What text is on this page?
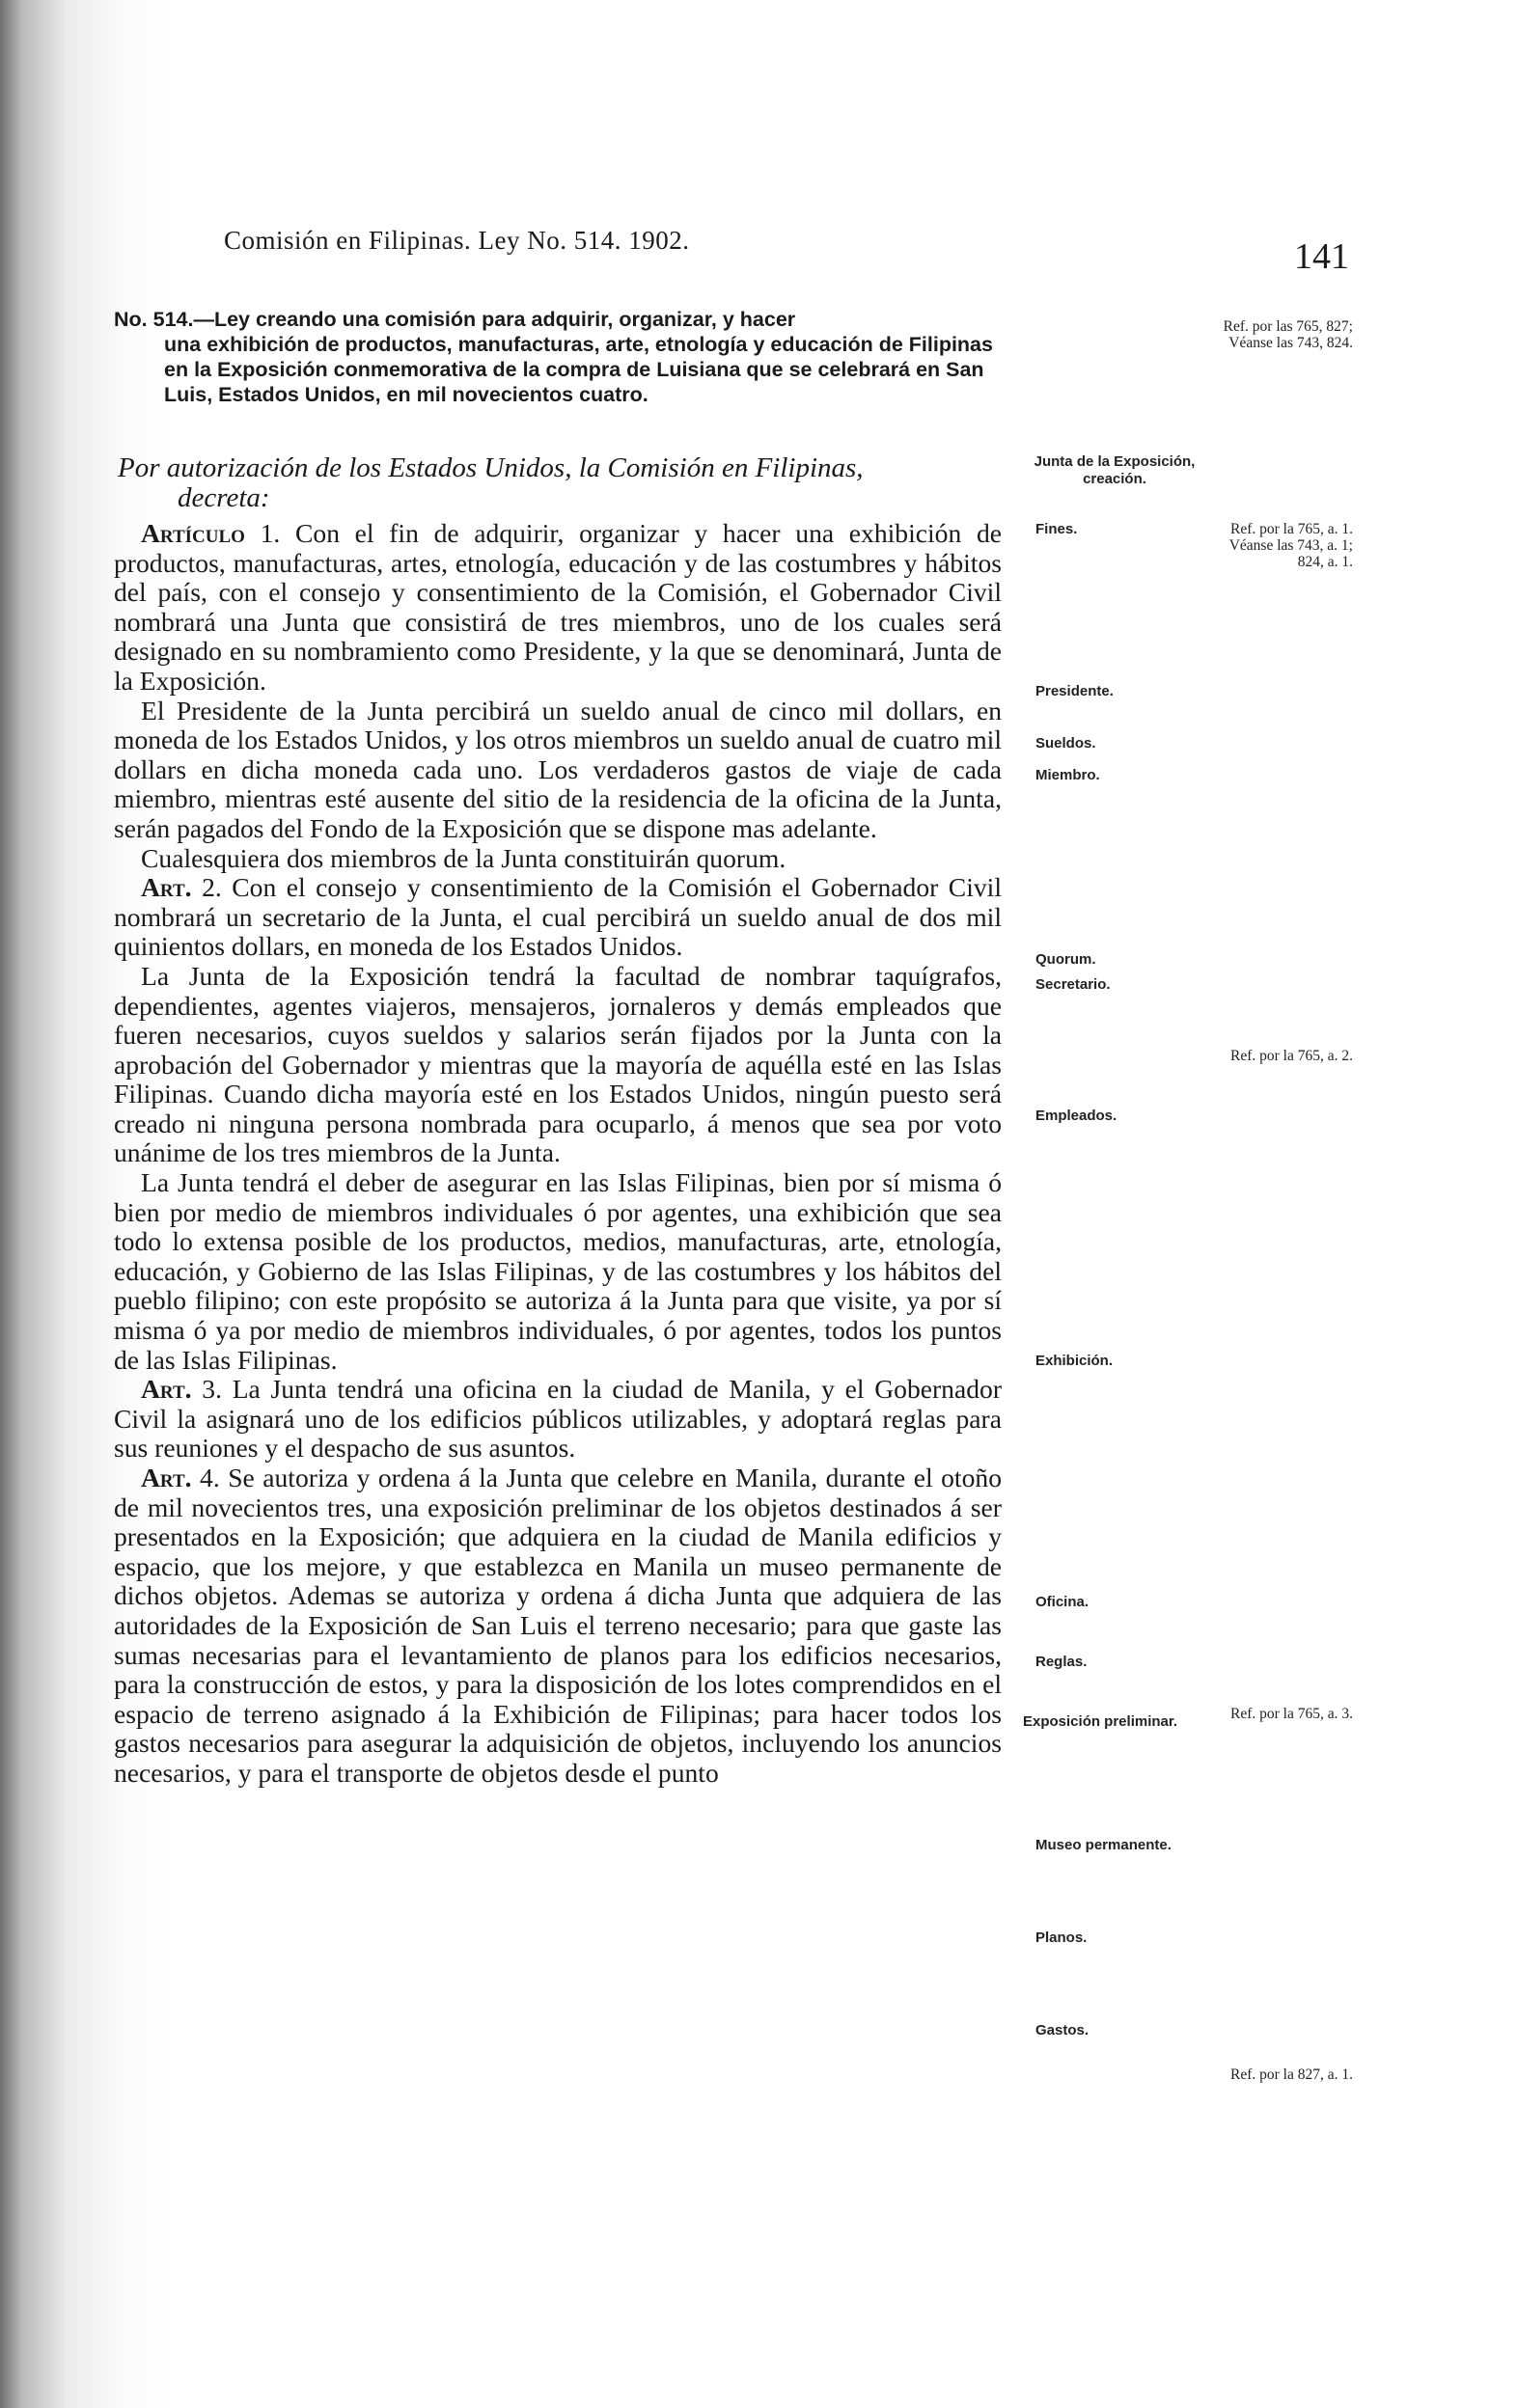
Comisión en Filipinas. Ley No. 514. 1902.	141
No. 514.—Ley creando una comisión para adquirir, organizar, y hacer
una exhibición de productos, manufacturas, arte, etnología y educación de Filipinas en la Exposición conmemorativa de la compra de Luisiana que se celebrará en San Luis, Estados Unidos, en mil novecientos cuatro.
Por autorización de los Estados Unidos, la Comisión en Filipinas,
decreta:

Artículo 1. Con el fin de adquirir, organizar y hacer una exhibición de productos, manufacturas, artes, etnología, educación y de las costumbres y hábitos del país, con el consejo y consentimiento de la Comisión, el Gobernador Civil nombrará una Junta que consistirá de tres miembros, uno de los cuales será designado en su nombramiento como Presidente, y la que se denominará, Junta de la Exposición.

El Presidente de la Junta percibirá un sueldo anual de cinco mil dollars, en moneda de los Estados Unidos, y los otros miembros un sueldo anual de cuatro mil dollars en dicha moneda cada uno. Los verdaderos gastos de viaje de cada miembro, mientras esté ausente del sitio de la residencia de la oficina de la Junta, serán pagados del Fondo de la Exposición que se dispone mas adelante.

Cualesquiera dos miembros de la Junta constituirán quorum.

Art. 2. Con el consejo y consentimiento de la Comisión el Gobernador Civil nombrará un secretario de la Junta, el cual percibirá un sueldo anual de dos mil quinientos dollars, en moneda de los Estados Unidos.

La Junta de la Exposición tendrá la facultad de nombrar taquígrafos, dependientes, agentes viajeros, mensajeros, jornaleros y demás empleados que fueren necesarios, cuyos sueldos y salarios serán fijados por la Junta con la aprobación del Gobernador y mientras que la mayoría de aquélla esté en las Islas Filipinas. Cuando dicha mayoría esté en los Estados Unidos, ningún puesto será creado ni ninguna persona nombrada para ocuparlo, á menos que sea por voto unánime de los tres miembros de la Junta.

La Junta tendrá el deber de asegurar en las Islas Filipinas, bien por sí misma ó bien por medio de miembros individuales ó por agentes, una exhibición que sea todo lo extensa posible de los productos, medios, manufacturas, arte, etnología, educación, y Gobierno de las Islas Filipinas, y de las costumbres y los hábitos del pueblo filipino; con este propósito se autoriza á la Junta para que visite, ya por sí misma ó ya por medio de miembros individuales, ó por agentes, todos los puntos de las Islas Filipinas.

Art. 3. La Junta tendrá una oficina en la ciudad de Manila, y el Gobernador Civil la asignará uno de los edificios públicos utilizables, y adoptará reglas para sus reuniones y el despacho de sus asuntos.

Art. 4. Se autoriza y ordena á la Junta que celebre en Manila, durante el otoño de mil novecientos tres, una exposición preliminar de los objetos destinados á ser presentados en la Exposición; que adquiera en la ciudad de Manila edificios y espacio, que los mejore, y que establezca en Manila un museo permanente de dichos objetos. Ademas se autoriza y ordena á dicha Junta que adquiera de las autoridades de la Exposición de San Luis el terreno necesario; para que gaste las sumas necesarias para el levantamiento de planos para los edificios necesarios, para la construcción de estos, y para la disposición de los lotes comprendidos en el espacio de terreno asignado á la Exhibición de Filipinas; para hacer todos los gastos necesarios para asegurar la adquisición de objetos, incluyendo los anuncios necesarios, y para el transporte de objetos desde el punto

Junta de la Exposición, creación.
Fines.
Presidente.
Sueldos.
Miembro.
Quorum.
Secretario.
Empleados.
Exhibición.
Oficina.
Reglas.
Exposición preliminar.
Museo permanente.
Planos.
Gastos.
Ref. por las 765, 827; Véanse las 743, 824.
Ref. por la 765, a. 1. Véanse las 743, a. 1; 824, a. 1.
Ref. por la 765, a. 2.
Ref. por la 765, a. 3.
Ref. por la 827, a. 1.
